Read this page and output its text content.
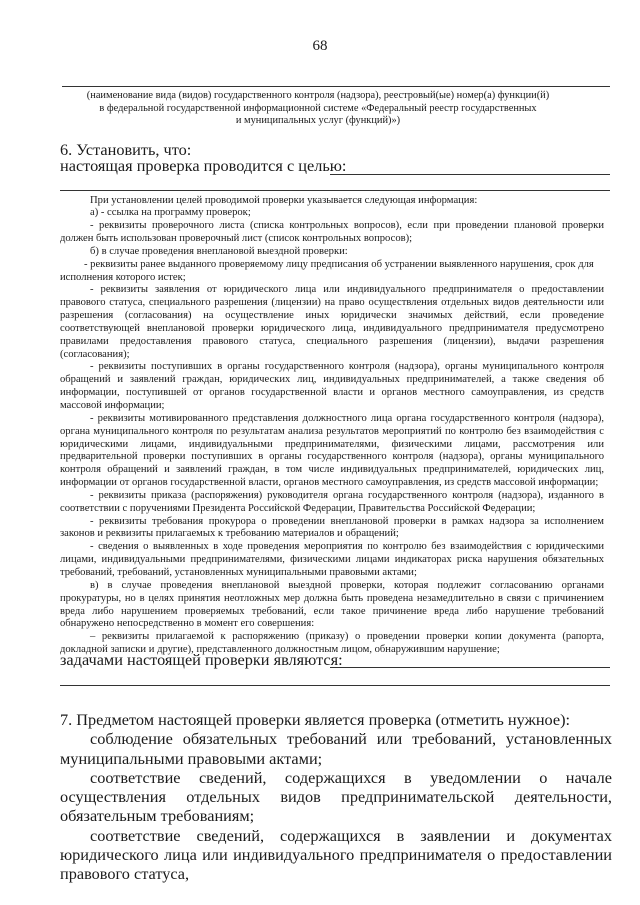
68
(наименование вида (видов) государственного контроля (надзора), реестровый(ые) номер(а) функции(й)
в федеральной государственной информационной системе «Федеральный реестр государственных
и муниципальных услуг (функций)»)
6. Установить, что:
настоящая проверка проводится с целью:

При установлении целей проводимой проверки указывается следующая информация:

а) - ссылка на программу проверок;

- реквизиты проверочного листа (списка контрольных вопросов), если при проведении плановой проверки должен быть использован проверочный лист (список контрольных вопросов);

б) в случае проведения внеплановой выездной проверки:

- реквизиты ранее выданного проверяемому лицу предписания об устранении выявленного нарушения, срок для исполнения которого истек;

- реквизиты заявления от юридического лица или индивидуального предпринимателя о предоставлении правового статуса, специального разрешения (лицензии) на право осуществления отдельных видов деятельности или разрешения (согласования) на осуществление иных юридически значимых действий, если проведение соответствующей внеплановой проверки юридического лица, индивидуального предпринимателя предусмотрено правилами предоставления правового статуса, специального разрешения (лицензии), выдачи разрешения (согласования);

- реквизиты поступивших в органы государственного контроля (надзора), органы муниципального контроля обращений и заявлений граждан, юридических лиц, индивидуальных предпринимателей, а также сведения об информации, поступившей от органов государственной власти и органов местного самоуправления, из средств массовой информации;

- реквизиты мотивированного представления должностного лица органа государственного контроля (надзора), органа муниципального контроля по результатам анализа результатов мероприятий по контролю без взаимодействия с юридическими лицами, индивидуальными предпринимателями, физическими лицами, рассмотрения или предварительной проверки поступивших в органы государственного контроля (надзора), органы муниципального контроля обращений и заявлений граждан, в том числе индивидуальных предпринимателей, юридических лиц, информации от органов государственной власти, органов местного самоуправления, из средств массовой информации;

- реквизиты приказа (распоряжения) руководителя органа государственного контроля (надзора), изданного в соответствии с поручениями Президента Российской Федерации, Правительства Российской Федерации;

- реквизиты требования прокурора о проведении внеплановой проверки в рамках надзора за исполнением законов и реквизиты прилагаемых к требованию материалов и обращений;

- сведения о выявленных в ходе проведения мероприятия по контролю без взаимодействия с юридическими лицами, индивидуальными предпринимателями, физическими лицами индикаторах риска нарушения обязательных требований, требований, установленных муниципальными правовыми актами;

в) в случае проведения внеплановой выездной проверки, которая подлежит согласованию органами прокуратуры, но в целях принятия неотложных мер должна быть проведена незамедлительно в связи с причинением вреда либо нарушением проверяемых требований, если такое причинение вреда либо нарушение требований обнаружено непосредственно в момент его совершения:

– реквизиты прилагаемой к распоряжению (приказу) о проведении проверки копии документа (рапорта, докладной записки и другие), представленного должностным лицом, обнаружившим нарушение;

задачами настоящей проверки являются:

7. Предметом настоящей проверки является проверка (отметить нужное):

соблюдение обязательных требований или требований, установленных муниципальными правовыми актами;

соответствие сведений, содержащихся в уведомлении о начале осуществления отдельных видов предпринимательской деятельности, обязательным требованиям;

соответствие сведений, содержащихся в заявлении и документах юридического лица или индивидуального предпринимателя о предоставлении правового статуса,
